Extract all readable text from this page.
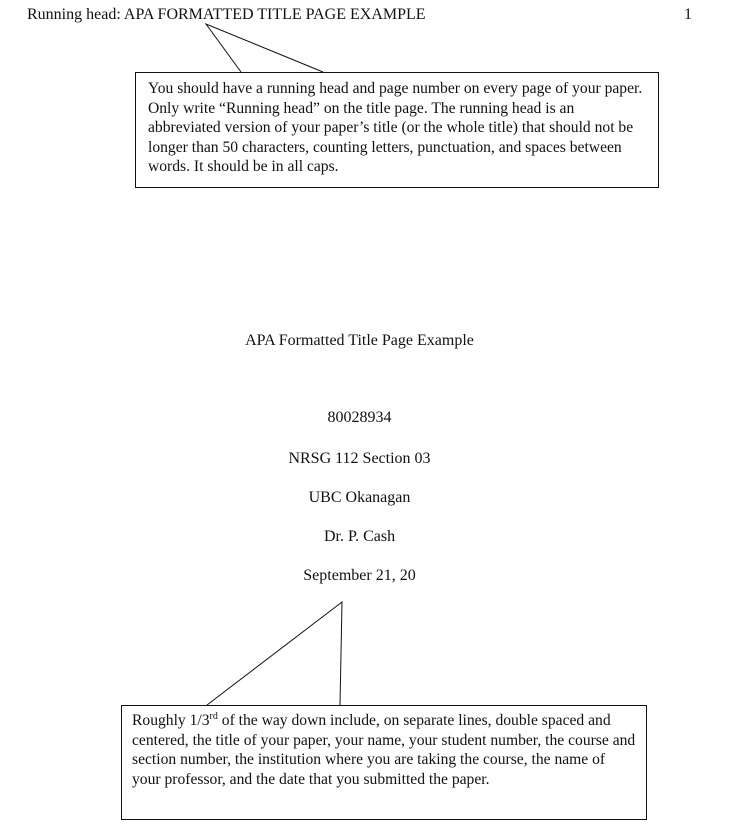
Running head: APA FORMATTED TITLE PAGE EXAMPLE	1
You should have a running head and page number on every page of your paper. Only write “Running head” on the title page. The running head is an abbreviated version of your paper’s title (or the whole title) that should not be longer than 50 characters, counting letters, punctuation, and spaces between words. It should be in all caps.
APA Formatted Title Page Example
80028934
NRSG 112 Section 03
UBC Okanagan
Dr. P. Cash
September 21, 20
Roughly 1/3rd of the way down include, on separate lines, double spaced and centered, the title of your paper, your name, your student number, the course and section number, the institution where you are taking the course, the name of your professor, and the date that you submitted the paper.
